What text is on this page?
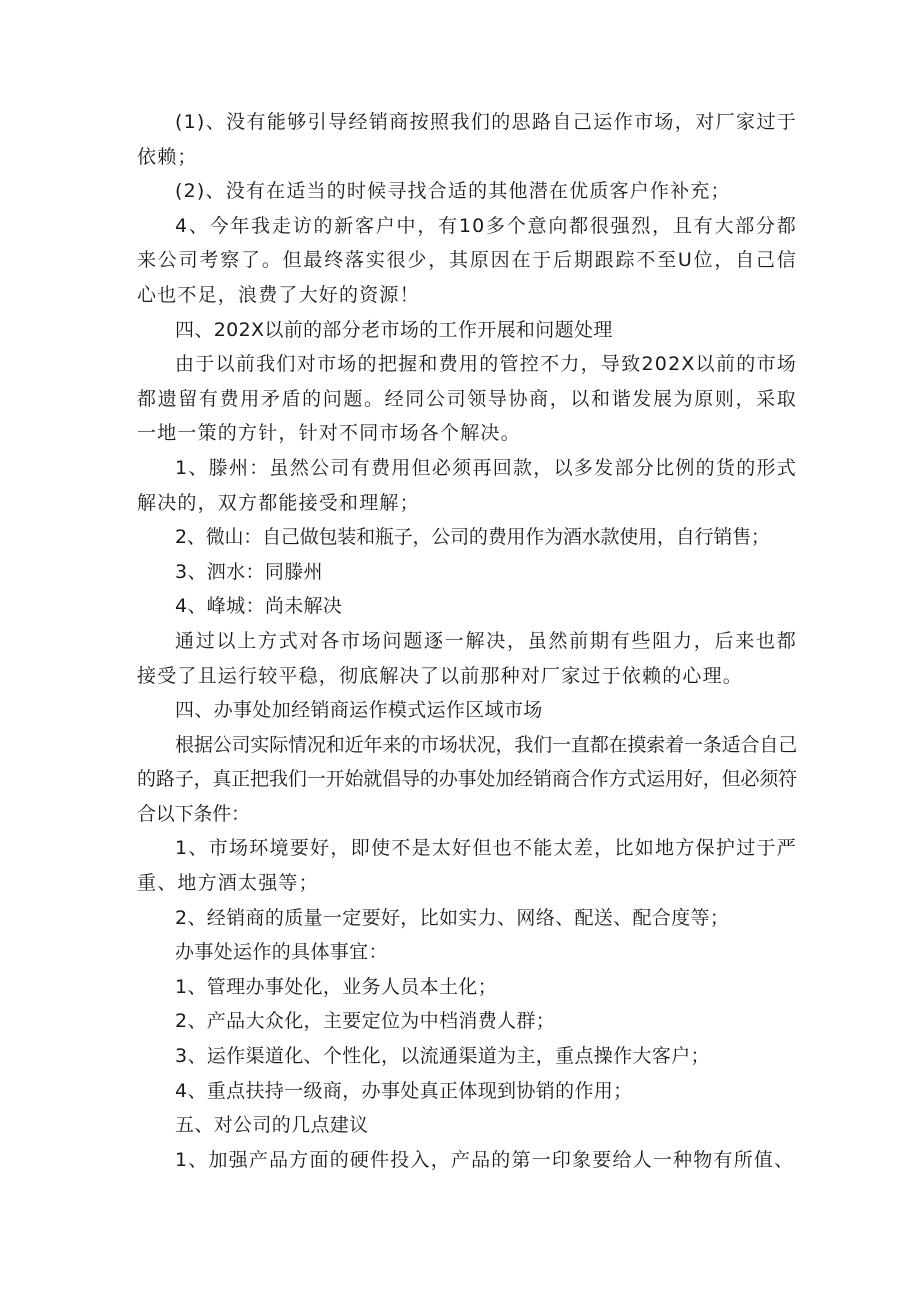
(1)、没有能够引导经销商按照我们的思路自己运作市场，对厂家过于依赖；

(2)、没有在适当的时候寻找合适的其他潜在优质客户作补充；

4、今年我走访的新客户中，有10多个意向都很强烈，且有大部分都来公司考察了。但最终落实很少，其原因在于后期跟踪不至U位，自己信心也不足，浪费了大好的资源！

四、202X以前的部分老市场的工作开展和问题处理

由于以前我们对市场的把握和费用的管控不力，导致202X以前的市场都遗留有费用矛盾的问题。经同公司领导协商，以和谐发展为原则，采取一地一策的方针，针对不同市场各个解决。

1、滕州：虽然公司有费用但必须再回款，以多发部分比例的货的形式解决的，双方都能接受和理解；

2、微山：自己做包装和瓶子，公司的费用作为酒水款使用，自行销售；

3、泗水：同滕州

4、峰城：尚未解决

通过以上方式对各市场问题逐一解决，虽然前期有些阻力，后来也都接受了且运行较平稳，彻底解决了以前那种对厂家过于依赖的心理。

四、办事处加经销商运作模式运作区域市场

根据公司实际情况和近年来的市场状况，我们一直都在摸索着一条适合自己的路子，真正把我们一开始就倡导的办事处加经销商合作方式运用好，但必须符合以下条件：

1、市场环境要好，即使不是太好但也不能太差，比如地方保护过于严重、地方酒太强等；

2、经销商的质量一定要好，比如实力、网络、配送、配合度等；

办事处运作的具体事宜：

1、管理办事处化，业务人员本土化；

2、产品大众化，主要定位为中档消费人群；

3、运作渠道化、个性化，以流通渠道为主，重点操作大客户；

4、重点扶持一级商，办事处真正体现到协销的作用；

五、对公司的几点建议

1、加强产品方面的硬件投入，产品的第一印象要给人一种物有所值、
